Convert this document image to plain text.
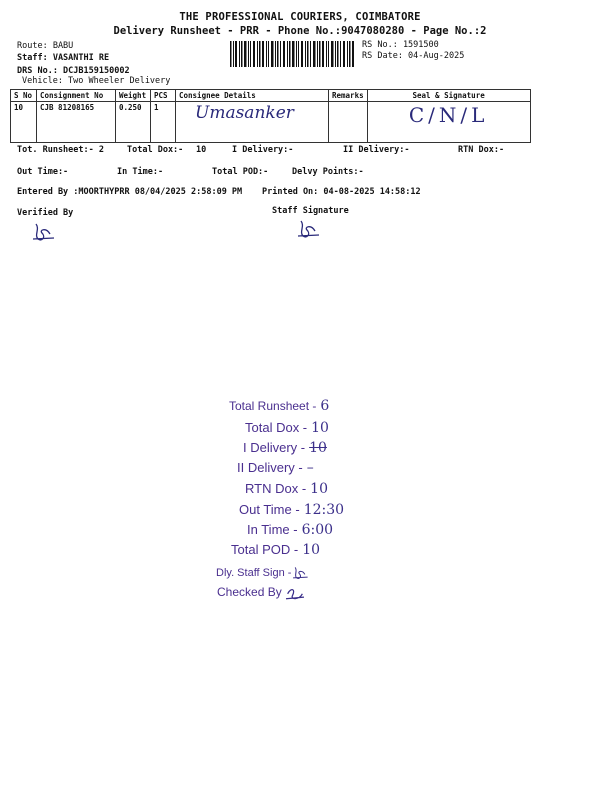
THE PROFESSIONAL COURIERS, COIMBATORE
Delivery Runsheet - PRR - Phone No.:9047080280 - Page No.:2
Route: BABU
Staff: VASANTHI RE
DRS No.: DCJB159150002
Vehicle: Two Wheeler Delivery
RS No.: 1591500
RS Date: 04-Aug-2025
S No	Consignment No	Weight	PCS	Consignee Details	Remarks	Seal & Signature
10	CJB 81208165	0.250	1	Umasanker		C/N/L
Tot. Runsheet:- 2	Total Dox:- 10	I Delivery:-	II Delivery:-	RTN Dox:-
Out Time:-	In Time:-	Total POD:-	Delvy Points:-
Entered By :MOORTHYPRR 08/04/2025 2:58:09 PM Printed On: 04-08-2025 14:58:12
Verified By	Staff Signature
Total Runsheet - 6
Total Dox - 10
I Delivery - 10
II Delivery - –
RTN Dox - 10
Out Time - 12:30
In Time - 6:00
Total POD - 10
Dly. Staff Sign -
Checked By
